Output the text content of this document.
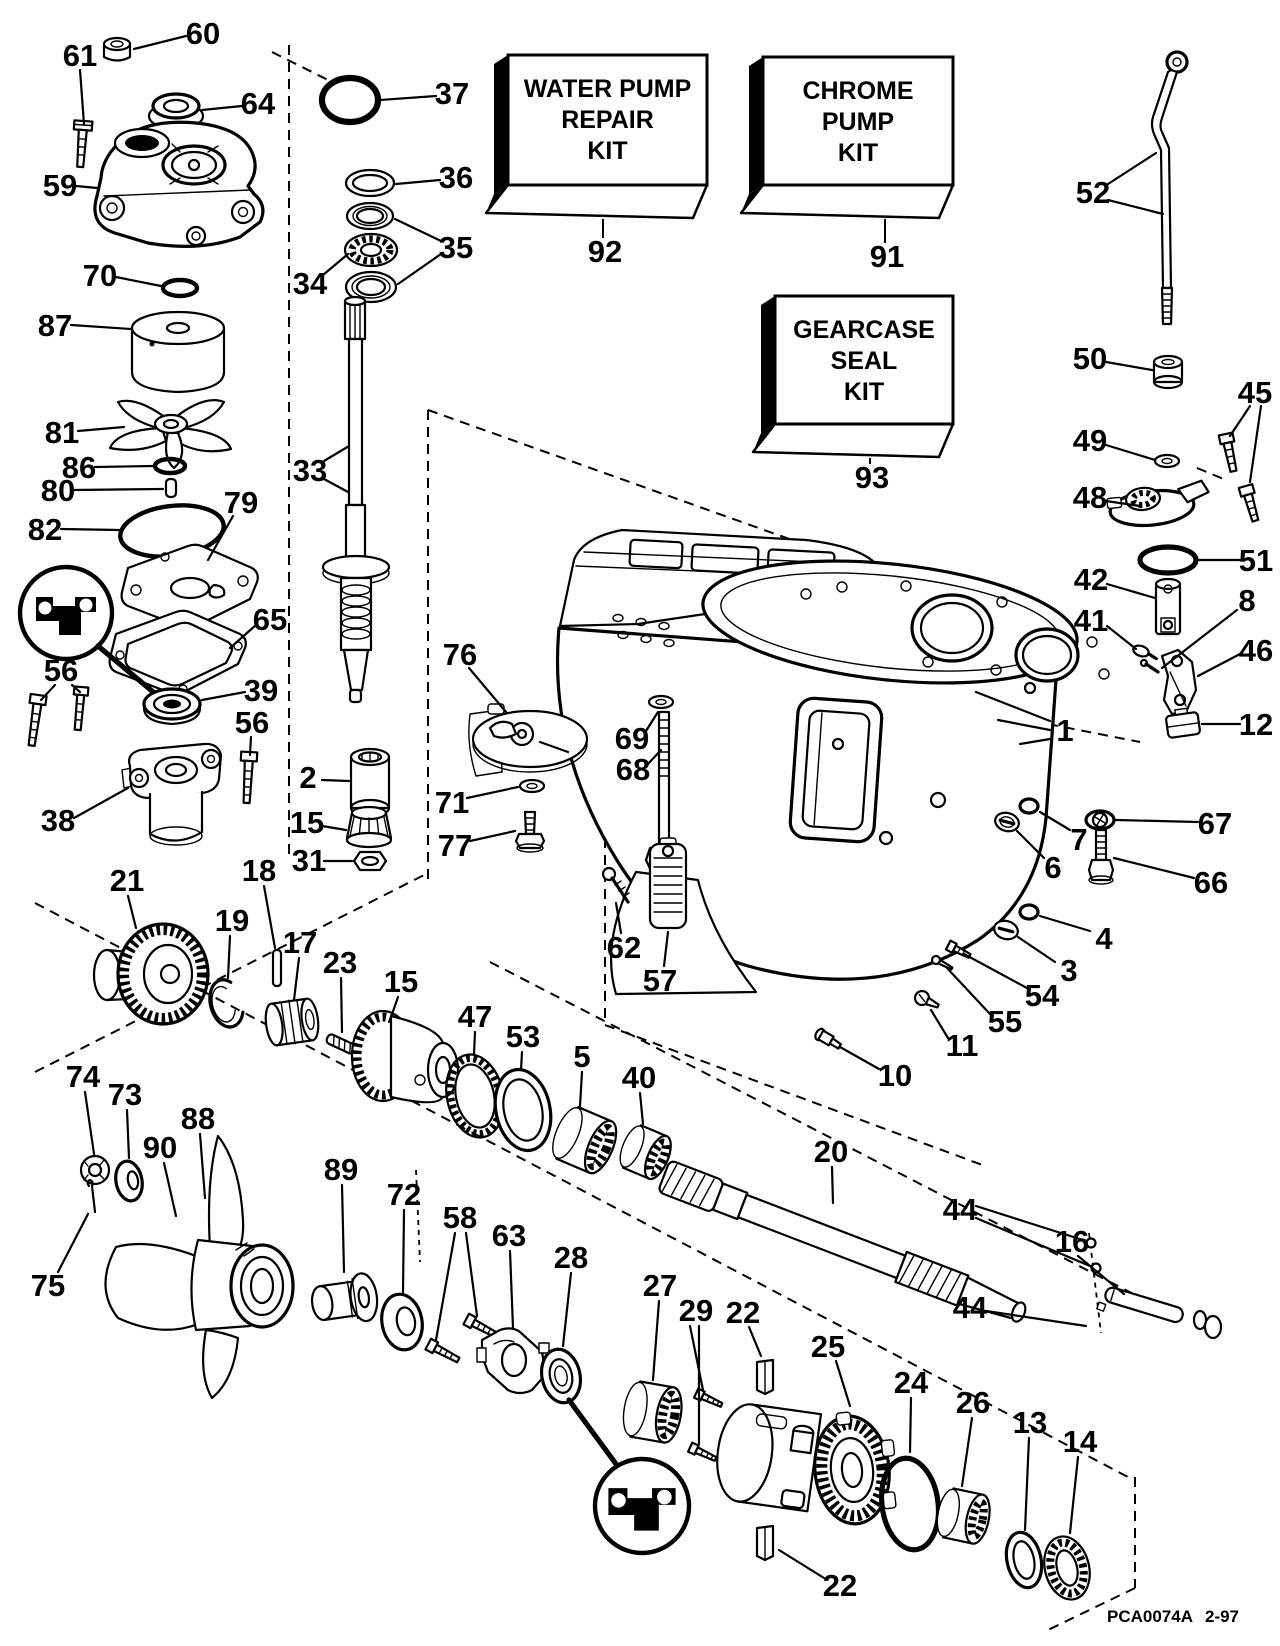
WATER PUMP
REPAIR
KIT
92
CHROME
PUMP
KIT
91
GEARCASE
SEAL
KIT
93
60
61
64
59
37
36
35
34
70
87
52
81
86
80
82
79
33
50
45
49
48
65
51
42
8
41
46
56
39
56	12
76
1
69
68
2
15
71
31	77
38	67
7
6	66
62
57
4
3
54
55
11
10
21	18
19
17
23
15
47
53
5
40
20
44
16
74
73
88
90
75
89
72
58
63
28
27
29 22
25
44
24
26
13
14
22
PCA0074A 2-97
